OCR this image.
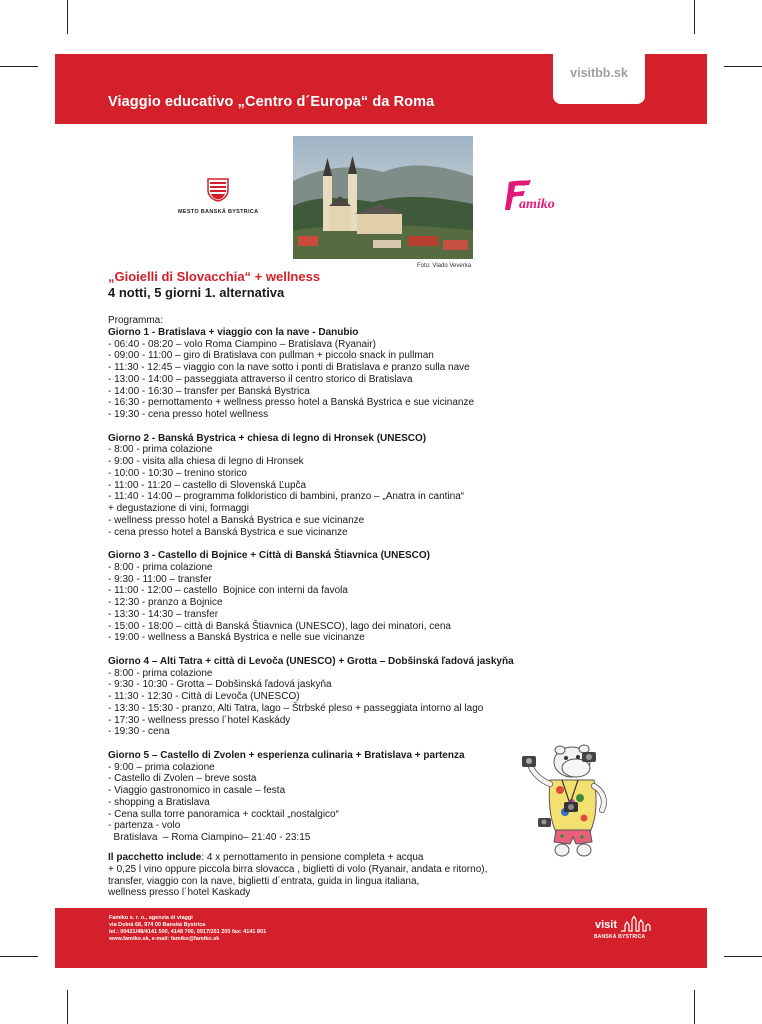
Viaggio educativo „Centro d´Europa“ da Roma
visitbb.sk
MESTO BANSKÁ BYSTRICA
Foto: Vlado Veverka
amiko
„Gioielli di Slovacchia“ + wellness
4 notti, 5 giorni 1. alternativa
Programma:
Giorno 1 - Bratislava + viaggio con la nave - Danubio
- 06:40 - 08:20 – volo Roma Ciampino – Bratislava (Ryanair)
- 09:00 - 11:00 – giro di Bratislava con pullman + piccolo snack in pullman
- 11:30 - 12:45 – viaggio con la nave sotto i ponti di Bratislava e pranzo sulla nave
- 13:00 - 14:00 – passeggiata attraverso il centro storico di Bratislava
- 14:00 - 16:30 – transfer per Banská Bystrica
- 16:30 - pernottamento + wellness presso hotel a Banská Bystrica e sue vicinanze
- 19:30 - cena presso hotel wellness
Giorno 2 - Banská Bystrica + chiesa di legno di Hronsek (UNESCO)
- 8:00 - prima colazione
- 9:00 - visita alla chiesa di legno di Hronsek
- 10:00 - 10:30 – trenino storico
- 11:00 - 11:20 – castello di Slovenská Ľupča
- 11:40 - 14:00 – programma folkloristico di bambini, pranzo – „Anatra in cantina“
+ degustazione di vini, formaggi
- wellness presso hotel a Banská Bystrica e sue vicinanze
- cena presso hotel a Banská Bystrica e sue vicinanze
Giorno 3 - Castello di Bojnice + Città di Banská Štiavnica (UNESCO)
- 8:00 - prima colazione
- 9:30 - 11:00 – transfer
- 11:00 - 12:00 – castello  Bojnice con interni da favola
- 12:30 - pranzo a Bojnice
- 13:30 - 14:30 – transfer
- 15:00 - 18:00 – città di Banská Štiavnica (UNESCO), lago dei minatori, cena
- 19:00 - wellness a Banská Bystrica e nelle sue vicinanze
Giorno 4 – Alti Tatra + città di Levoča (UNESCO) + Grotta – Dobšinská ľadová jaskyňa
- 8:00 - prima colazione
- 9:30 - 10:30 - Grotta – Dobšinská ľadová jaskyňa
- 11:30 - 12:30 - Città di Levoča (UNESCO)
- 13:30 - 15:30 - pranzo, Alti Tatra, lago – Štrbské pleso + passeggiata intorno al lago
- 17:30 - wellness presso l´hotel Kaskády
- 19:30 - cena
Giorno 5 – Castello di Zvolen + esperienza culinaria + Bratislava + partenza
- 9:00 – prima colazione
- Castello di Zvolen – breve sosta
- Viaggio gastronomico in casale – festa
- shopping a Bratislava
- Cena sulla torre panoramica + cocktail „nostalgico“
- partenza - volo
Bratislava  – Roma Ciampino– 21:40 - 23:15
Il pacchetto include: 4 x pernottamento in pensione completa + acqua
+ 0,25 l vino oppure piccola birra slovacca , biglietti di volo (Ryanair, andata e ritorno),
transfer, viaggio con la nave, biglietti d´entrata, guida in lingua italiana,
wellness presso l´hotel Kaskady
Famiko s. r. o., agenzia di viaggi
via Dolná 68, 974 00 Banská Bystrica
tel.: 00421/48/4141 500, 4148 700, 0917/351 205 fax: 4141 801
www.famiko.sk, e-mail: famiko@famiko.sk
visit
BANSKÁ BYSTRICA
